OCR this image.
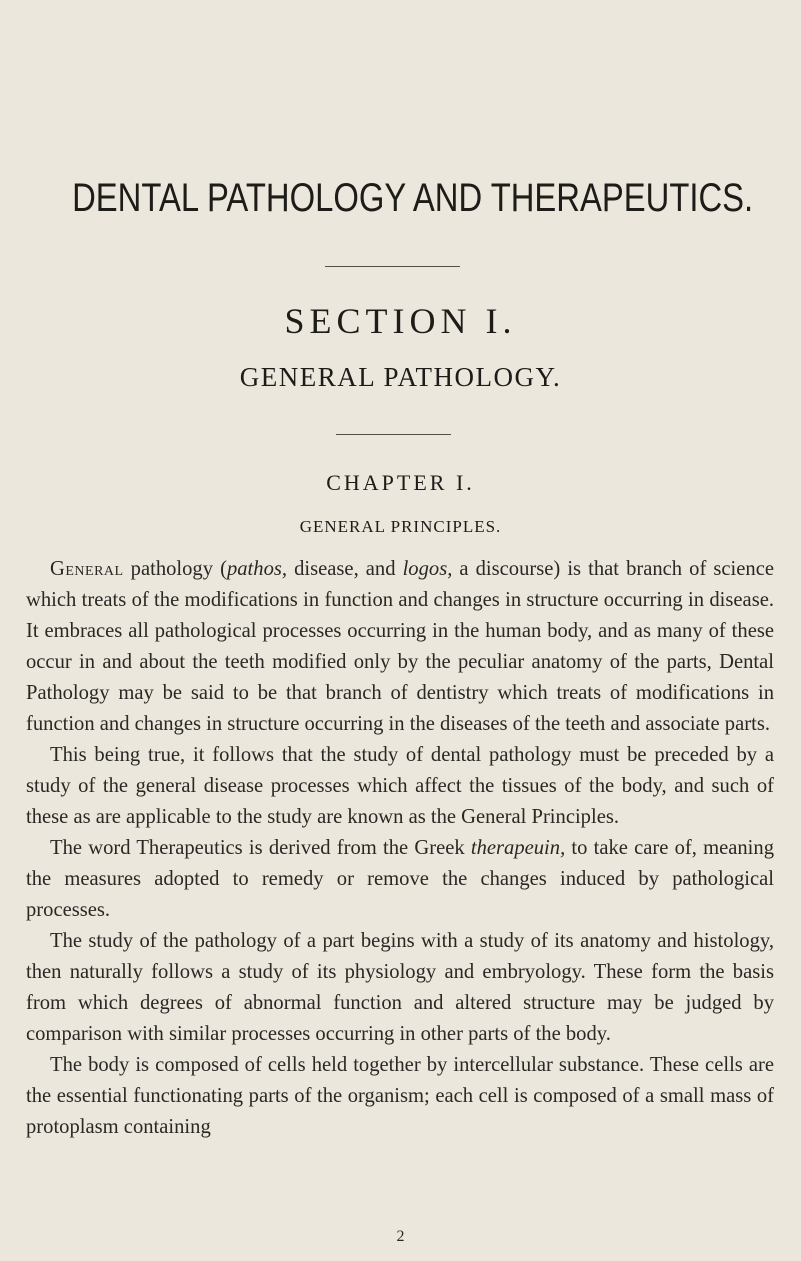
DENTAL PATHOLOGY AND THERAPEUTICS.
SECTION I.
GENERAL PATHOLOGY.
CHAPTER I.
GENERAL PRINCIPLES.

General pathology (pathos, disease, and logos, a discourse) is that branch of science which treats of the modifications in function and changes in structure occurring in disease. It embraces all pathological processes occurring in the human body, and as many of these occur in and about the teeth modified only by the peculiar anatomy of the parts, Dental Pathology may be said to be that branch of dentistry which treats of modifications in function and changes in structure occurring in the diseases of the teeth and associate parts.

This being true, it follows that the study of dental pathology must be preceded by a study of the general disease processes which affect the tissues of the body, and such of these as are applicable to the study are known as the General Principles.

The word Therapeutics is derived from the Greek therapeuin, to take care of, meaning the measures adopted to remedy or remove the changes induced by pathological processes.

The study of the pathology of a part begins with a study of its anatomy and histology, then naturally follows a study of its physiology and embryology. These form the basis from which degrees of abnormal function and altered structure may be judged by comparison with similar processes occurring in other parts of the body.

The body is composed of cells held together by intercellular substance. These cells are the essential functionating parts of the organism; each cell is composed of a small mass of protoplasm containing

2
